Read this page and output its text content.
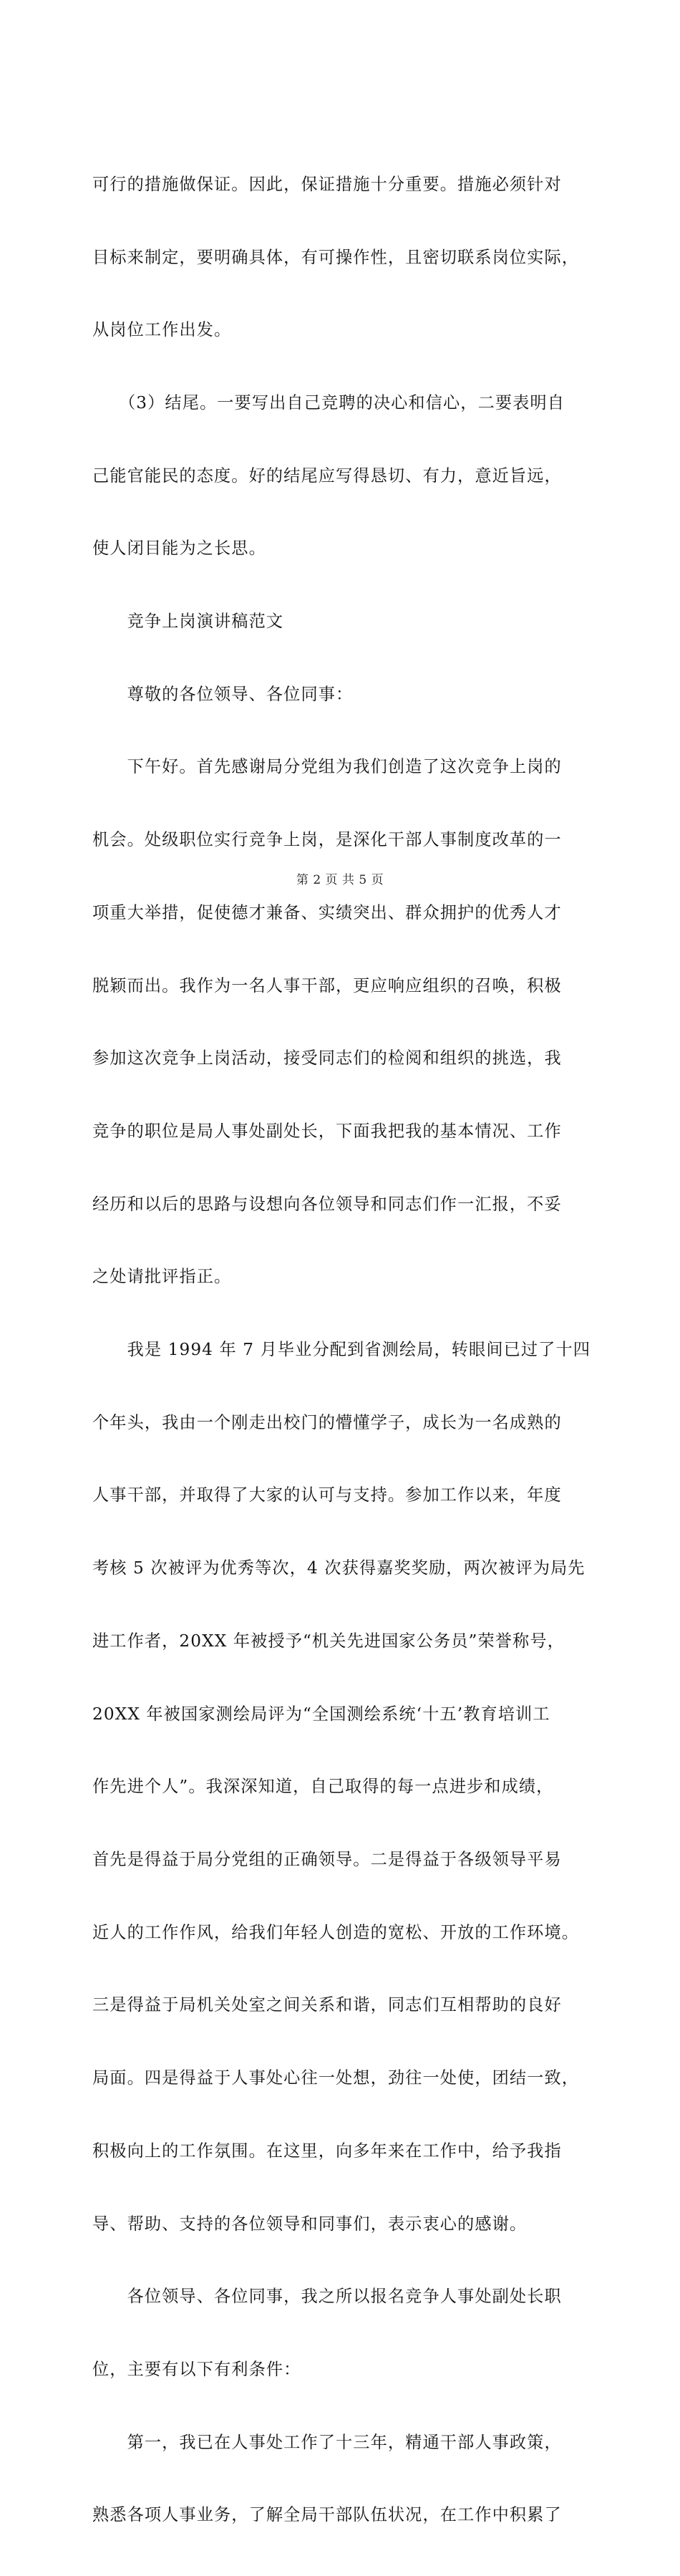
可行的措施做保证。因此，保证措施十分重要。措施必须针对

目标来制定，要明确具体，有可操作性，且密切联系岗位实际，

从岗位工作出发。

　　（3）结尾。一要写出自己竞聘的决心和信心，二要表明自

己能官能民的态度。好的结尾应写得恳切、有力，意近旨远，

使人闭目能为之长思。

　　竞争上岗演讲稿范文

　　尊敬的各位领导、各位同事：

　　下午好。首先感谢局分党组为我们创造了这次竞争上岗的

机会。处级职位实行竞争上岗，是深化干部人事制度改革的一

项重大举措，促使德才兼备、实绩突出、群众拥护的优秀人才

脱颖而出。我作为一名人事干部，更应响应组织的召唤，积极

参加这次竞争上岗活动，接受同志们的检阅和组织的挑选，我

竞争的职位是局人事处副处长，下面我把我的基本情况、工作

经历和以后的思路与设想向各位领导和同志们作一汇报，不妥

之处请批评指正。

　　我是 1994 年 7 月毕业分配到省测绘局，转眼间已过了十四

个年头，我由一个刚走出校门的懵懂学子，成长为一名成熟的

人事干部，并取得了大家的认可与支持。参加工作以来，年度

考核 5 次被评为优秀等次，4 次获得嘉奖奖励，两次被评为局先

进工作者，20XX 年被授予“机关先进国家公务员”荣誉称号，

20XX 年被国家测绘局评为“全国测绘系统‘十五’教育培训工

作先进个人”。我深深知道，自己取得的每一点进步和成绩，

首先是得益于局分党组的正确领导。二是得益于各级领导平易

近人的工作作风，给我们年轻人创造的宽松、开放的工作环境。

三是得益于局机关处室之间关系和谐，同志们互相帮助的良好

局面。四是得益于人事处心往一处想，劲往一处使，团结一致，

积极向上的工作氛围。在这里，向多年来在工作中，给予我指

导、帮助、支持的各位领导和同事们，表示衷心的感谢。

　　各位领导、各位同事，我之所以报名竞争人事处副处长职

位，主要有以下有利条件：

　　第一，我已在人事处工作了十三年，精通干部人事政策，

熟悉各项人事业务，了解全局干部队伍状况，在工作中积累了

第 2 页 共 5 页
